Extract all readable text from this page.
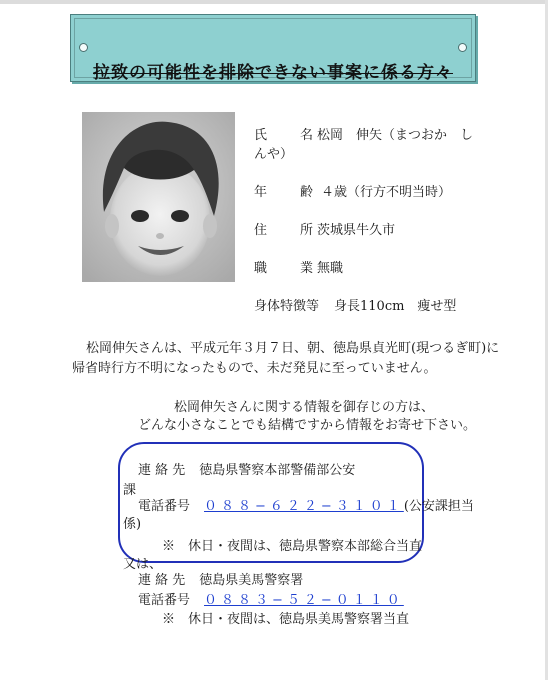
拉致の可能性を排除できない事案に係る方々
氏	名 松岡　伸矢（まつおか　し
んや）
年	齢 ４歳（行方不明当時）
住	所 茨城県牛久市
職	業 無職
身体特徴等 身長110cm　痩せ型
松岡伸矢さんは、平成元年３月７日、朝、徳島県貞光町(現つるぎ町)に
帰省時行方不明になったもので、未だ発見に至っていません。
松岡伸矢さんに関する情報を御存じの方は、
どんな小さなことでも結構ですから情報をお寄せ下さい。
連 絡 先 徳島県警察本部警備部公安
課
電話番号 ０８８−６２２−３１０１(公安課担当
係)
※　休日・夜間は、徳島県警察本部総合当直
又は、
連 絡 先 徳島県美馬警察署
電話番号 ０８８３−５２−０１１０
※　休日・夜間は、徳島県美馬警察署当直
